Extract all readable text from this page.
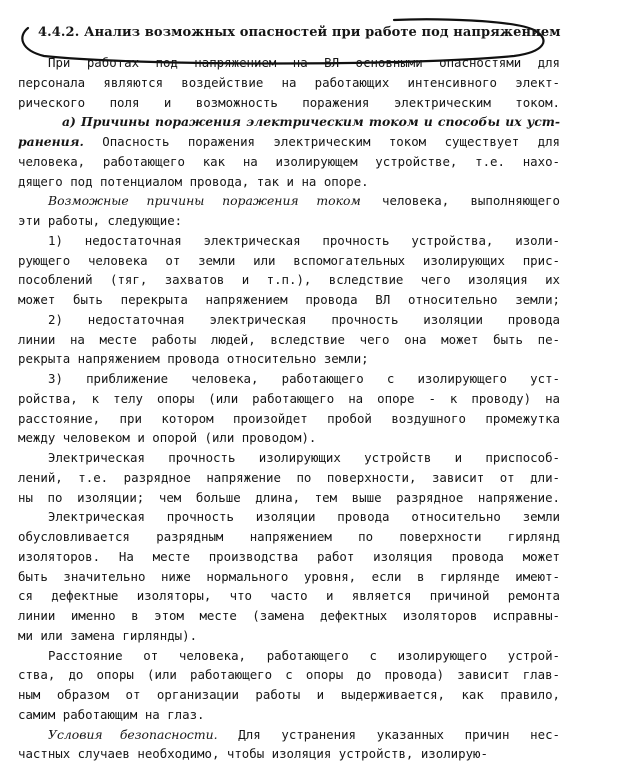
4.4.2. Анализ возможных опасностей при работе под напряжением
При работах под напряжением на ВЛ основными опасностями для
персонала являются воздействие на работающих интенсивного элект-
рического поля и возможность поражения электрическим током.
а) Причины поражения электрическим током и способы их уст-
ранения. Опасность поражения электрическим током существует для
человека, работающего как на изолирующем устройстве, т.е. нахо-
дящего под потенциалом провода, так и на опоре.
Возможные причины поражения током человека, выполняющего
эти работы, следующие:
1) недостаточная электрическая прочность устройства, изоли-
рующего человека от земли или вспомогательных изолирующих прис-
пособлений (тяг, захватов и т.п.), вследствие чего изоляция их
может быть перекрыта напряжением провода ВЛ относительно земли;
2) недостаточная электрическая прочность изоляции провода
линии на месте работы людей, вследствие чего она может быть пе-
рекрыта напряжением провода относительно земли;
3) приближение человека, работающего с изолирующего уст-
ройства, к телу опоры (или работающего на опоре - к проводу) на
расстояние, при котором произойдет пробой воздушного промежутка
между человеком и опорой (или проводом).
Электрическая прочность изолирующих устройств и приспособ-
лений, т.е. разрядное напряжение по поверхности, зависит от дли-
ны по изоляции; чем больше длина, тем выше разрядное напряжение.
Электрическая прочность изоляции провода относительно земли
обусловливается разрядным напряжением по поверхности гирлянд
изоляторов. На месте производства работ изоляция провода может
быть значительно ниже нормального уровня, если в гирлянде имеют-
ся дефектные изоляторы, что часто и является причиной ремонта
линии именно в этом месте (замена дефектных изоляторов исправны-
ми или замена гирлянды).
Расстояние от человека, работающего с изолирующего устрой-
ства, до опоры (или работающего с опоры до провода) зависит глав-
ным образом от организации работы и выдерживается, как правило,
самим работающим на глаз.
Условия безопасности. Для устранения указанных причин нес-
частных случаев необходимо, чтобы изоляция устройств, изолирую-
